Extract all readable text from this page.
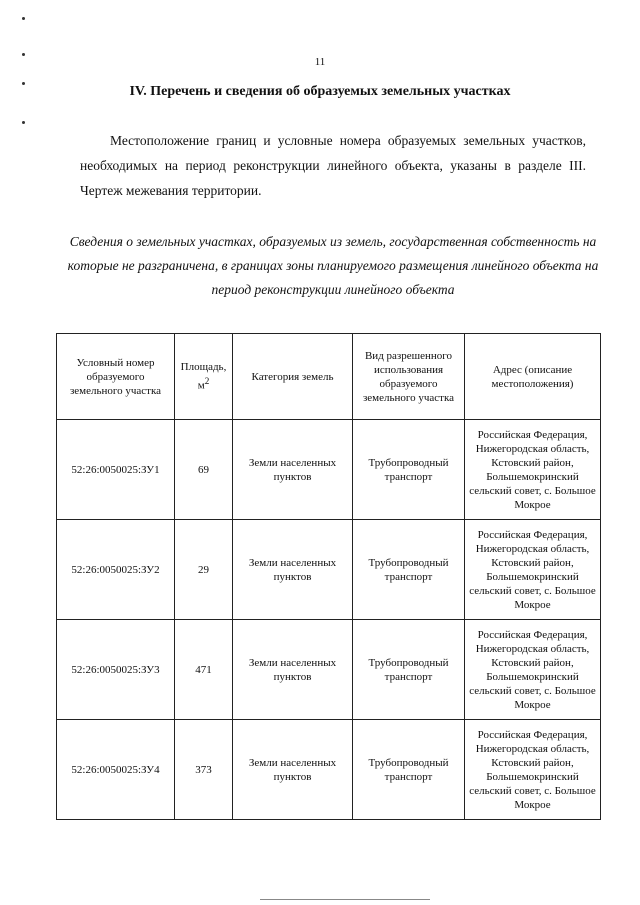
11
IV. Перечень и сведения об образуемых земельных участках

Местоположение границ и условные номера образуемых земельных участков, необходимых на период реконструкции линейного объекта, указаны в разделе III. Чертеж межевания территории.

Сведения о земельных участках, образуемых из земель, государственная собственность на которые не разграничена, в границах зоны планируемого размещения линейного объекта на период реконструкции линейного объекта
Условный номер образуемого земельного участка	Площадь, $м^2$	Категория земель	Вид разрешенного использования образуемого земельного участка	Адрес (описание местоположения)
52:26:0050025:ЗУ1	69	Земли населенных пунктов	Трубопроводный транспорт	Российская Федерация, Нижегородская область, Кстовский район, Большемокринский сельский совет, с. Большое Мокрое
52:26:0050025:ЗУ2	29	Земли населенных пунктов	Трубопроводный транспорт	Российская Федерация, Нижегородская область, Кстовский район, Большемокринский сельский совет, с. Большое Мокрое
52:26:0050025:ЗУ3	471	Земли населенных пунктов	Трубопроводный транспорт	Российская Федерация, Нижегородская область, Кстовский район, Большемокринский сельский совет, с. Большое Мокрое
52:26:0050025:ЗУ4	373	Земли населенных пунктов	Трубопроводный транспорт	Российская Федерация, Нижегородская область, Кстовский район, Большемокринский сельский совет, с. Большое Мокрое
